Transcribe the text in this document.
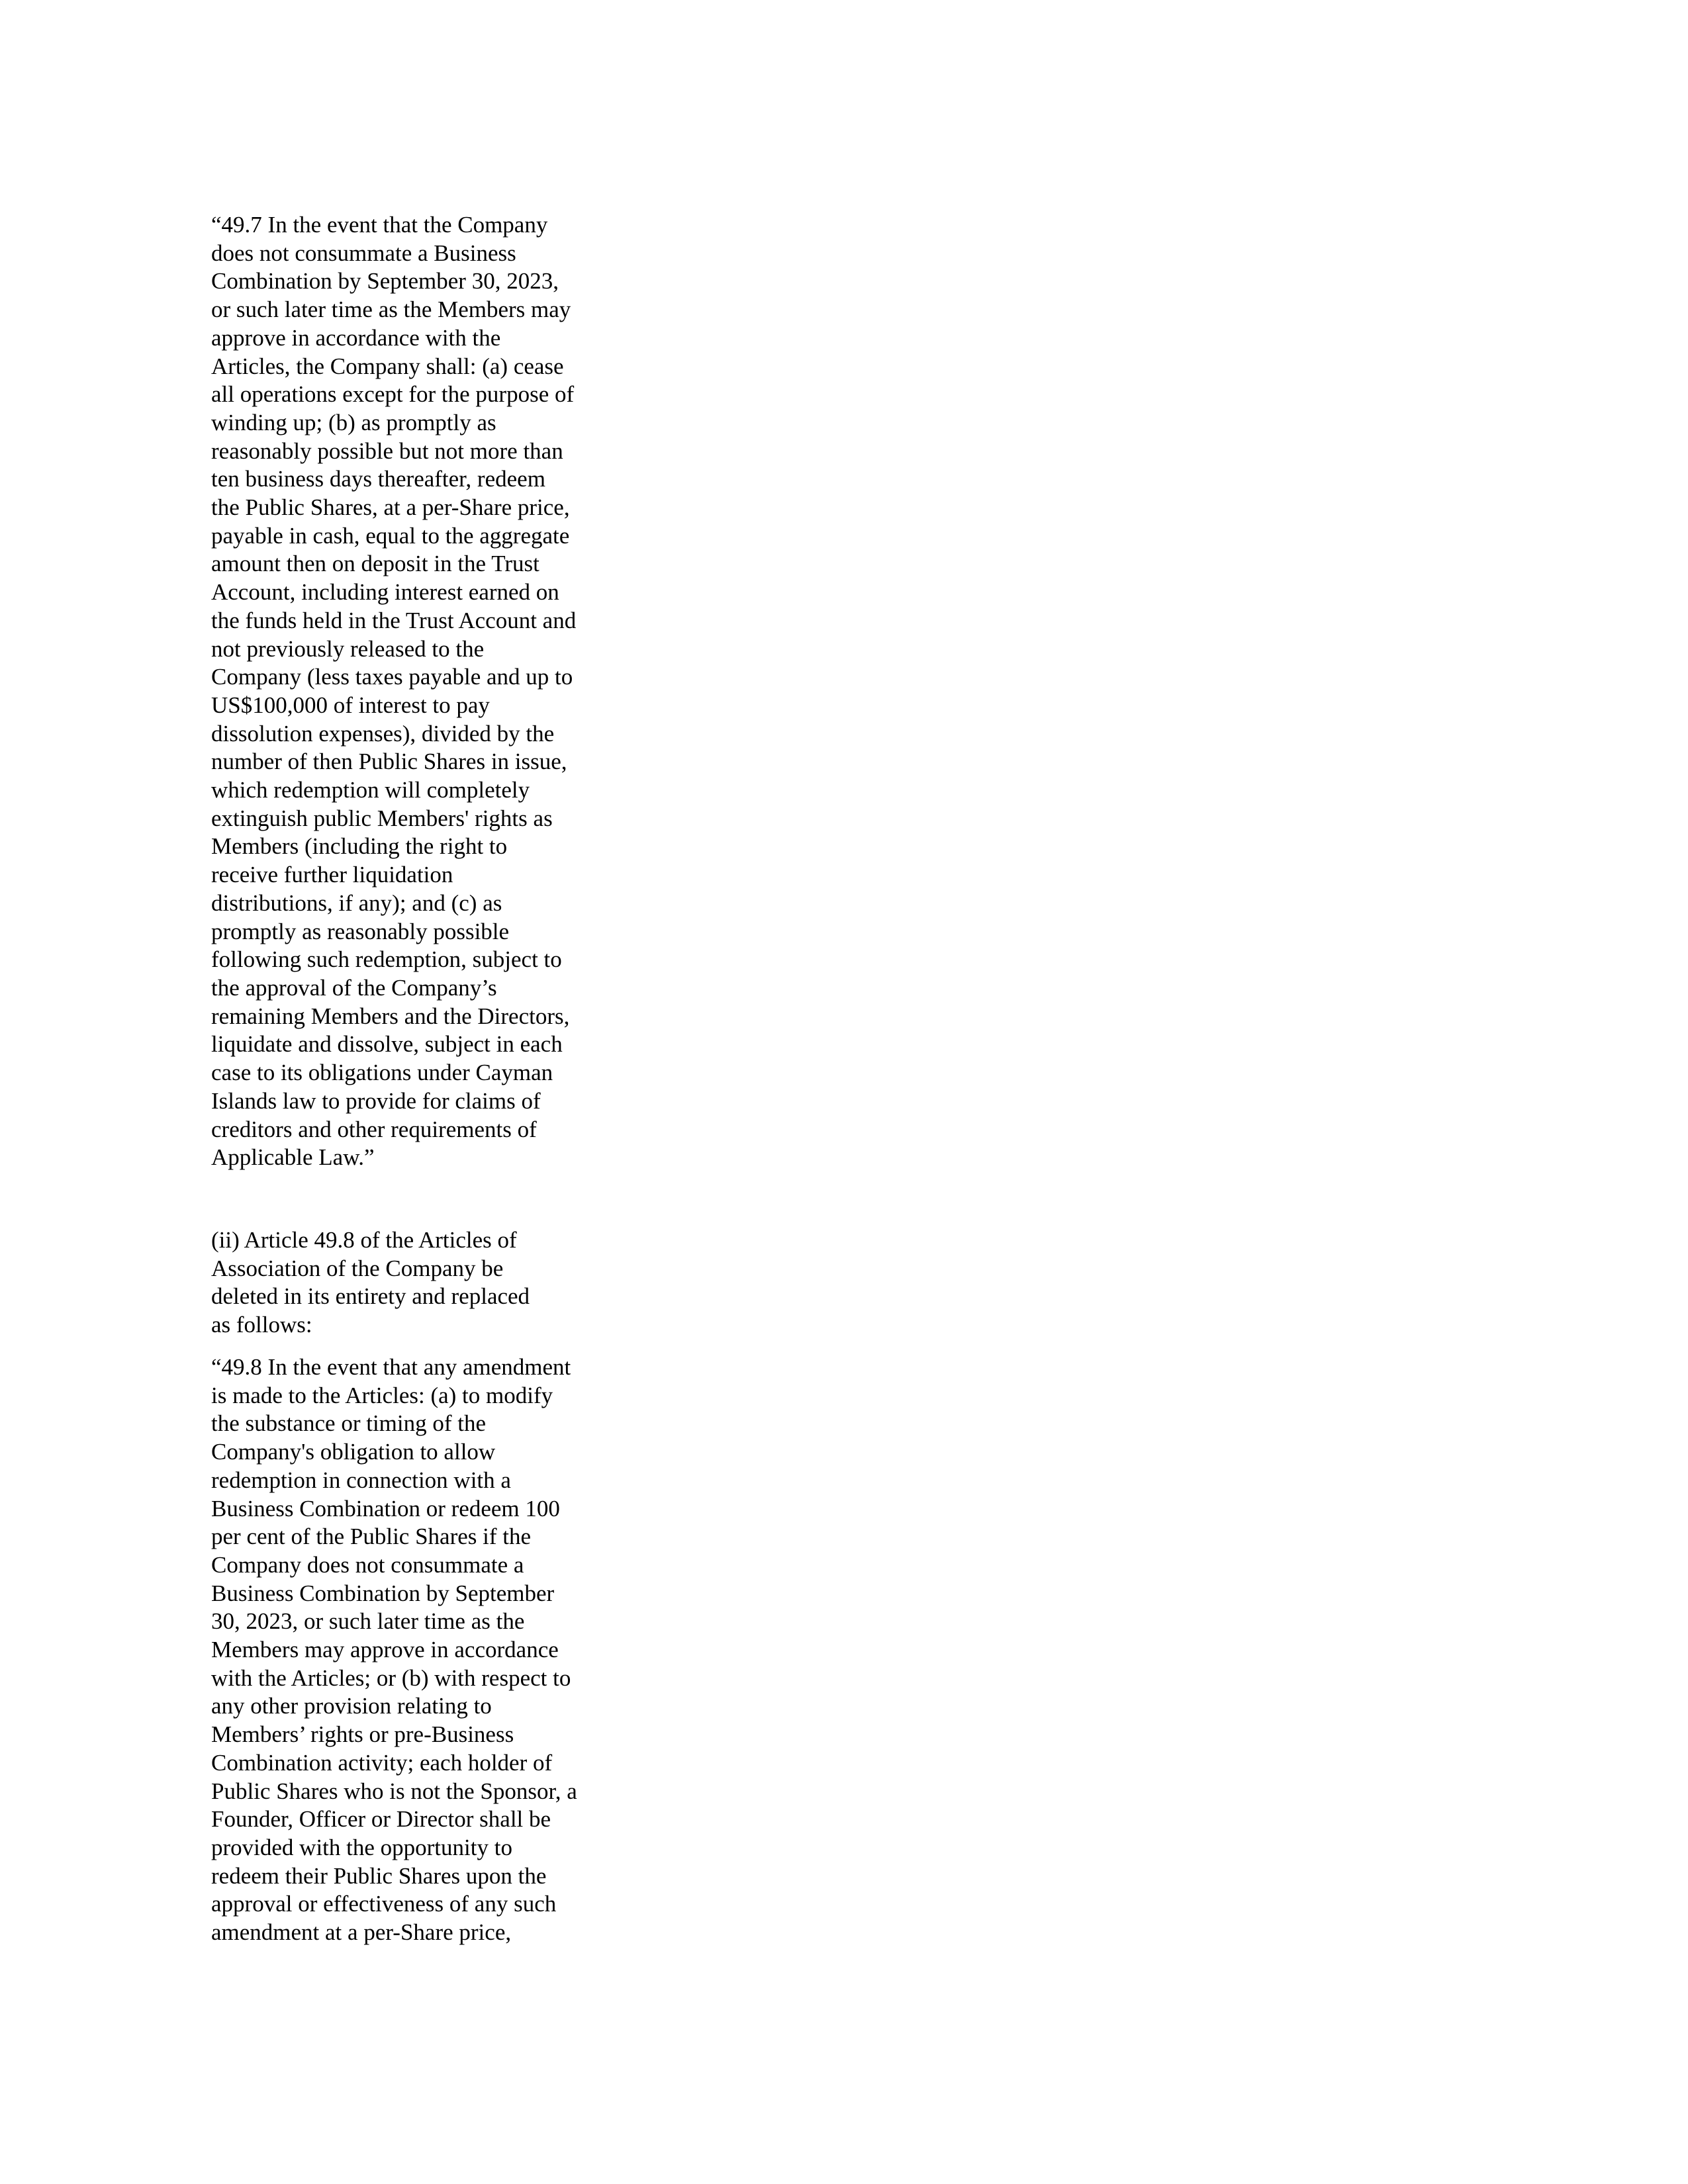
“49.7 In the event that the Company
does not consummate a Business
Combination by September 30, 2023,
or such later time as the Members may
approve in accordance with the
Articles, the Company shall: (a) cease
all operations except for the purpose of
winding up; (b) as promptly as
reasonably possible but not more than
ten business days thereafter, redeem
the Public Shares, at a per-Share price,
payable in cash, equal to the aggregate
amount then on deposit in the Trust
Account, including interest earned on
the funds held in the Trust Account and
not previously released to the
Company (less taxes payable and up to
US$100,000 of interest to pay
dissolution expenses), divided by the
number of then Public Shares in issue,
which redemption will completely
extinguish public Members' rights as
Members (including the right to
receive further liquidation
distributions, if any); and (c) as
promptly as reasonably possible
following such redemption, subject to
the approval of the Company’s
remaining Members and the Directors,
liquidate and dissolve, subject in each
case to its obligations under Cayman
Islands law to provide for claims of
creditors and other requirements of
Applicable Law.”
(ii) Article 49.8 of the Articles of
Association of the Company be
deleted in its entirety and replaced
as follows:
“49.8 In the event that any amendment
is made to the Articles: (a) to modify
the substance or timing of the
Company's obligation to allow
redemption in connection with a
Business Combination or redeem 100
per cent of the Public Shares if the
Company does not consummate a
Business Combination by September
30, 2023, or such later time as the
Members may approve in accordance
with the Articles; or (b) with respect to
any other provision relating to
Members’ rights or pre-Business
Combination activity; each holder of
Public Shares who is not the Sponsor, a
Founder, Officer or Director shall be
provided with the opportunity to
redeem their Public Shares upon the
approval or effectiveness of any such
amendment at a per-Share price,
